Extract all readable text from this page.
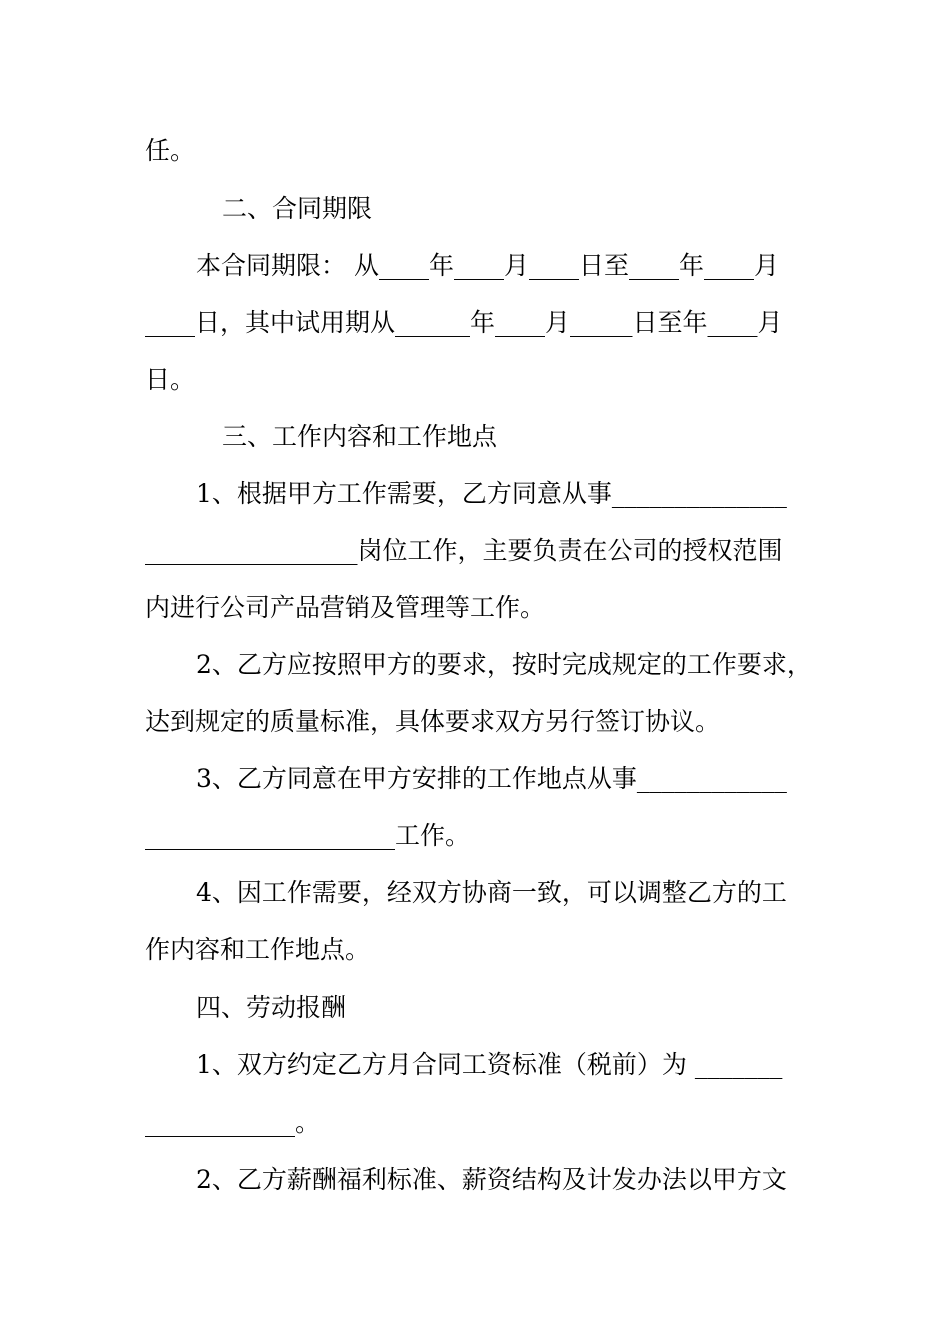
任。
二、合同期限
本合同期限： 从____年____月____日至____年____月
____日，其中试用期从______年____月_____日至年____月
日。
三、工作内容和工作地点
1、根据甲方工作需要，乙方同意从事______________
_________________岗位工作，主要负责在公司的授权范围
内进行公司产品营销及管理等工作。
2、乙方应按照甲方的要求，按时完成规定的工作要求，
达到规定的质量标准，具体要求双方另行签订协议。
3、乙方同意在甲方安排的工作地点从事____________
____________________工作。
4、因工作需要，经双方协商一致，可以调整乙方的工
作内容和工作地点。
四、劳动报酬
1、双方约定乙方月合同工资标准（税前）为 _______
____________。
2、乙方薪酬福利标准、薪资结构及计发办法以甲方文
